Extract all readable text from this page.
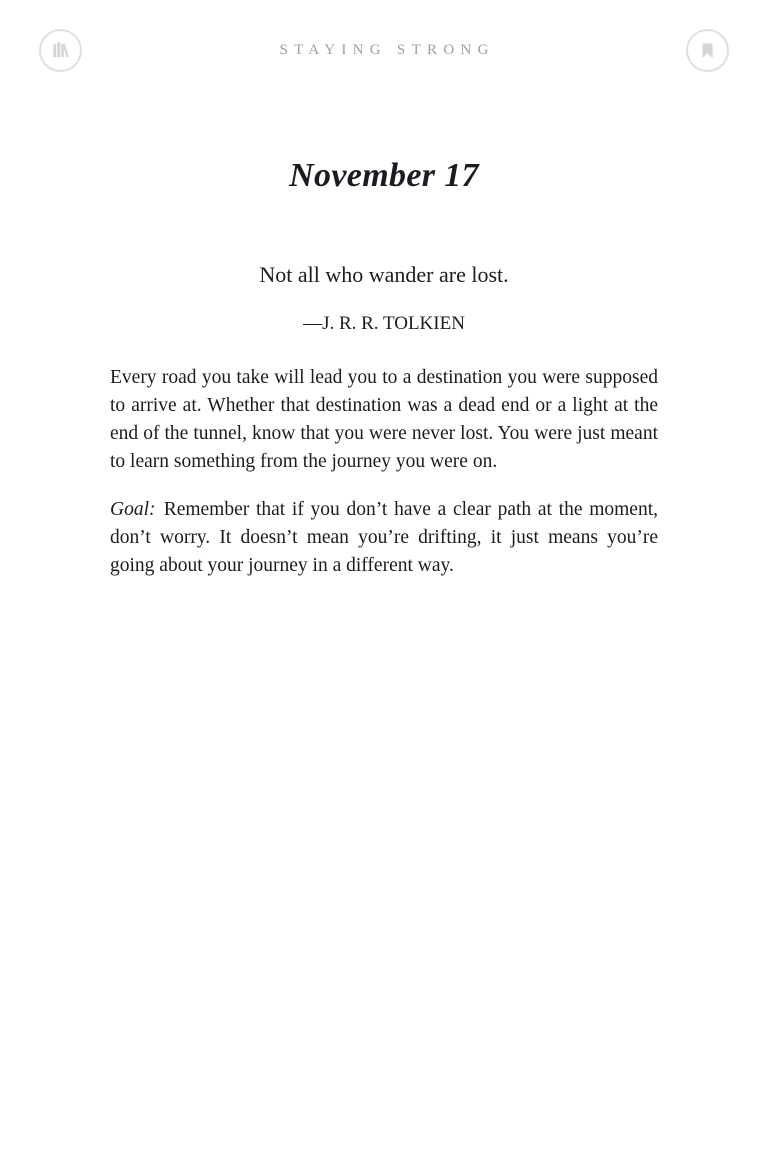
STAYING STRONG
November 17
Not all who wander are lost.
—J. R. R. TOLKIEN

Every road you take will lead you to a destination you were supposed to arrive at. Whether that destination was a dead end or a light at the end of the tunnel, know that you were never lost. You were just meant to learn something from the journey you were on.

Goal: Remember that if you don’t have a clear path at the moment, don’t worry. It doesn’t mean you’re drifting, it just means you’re going about your journey in a different way.
